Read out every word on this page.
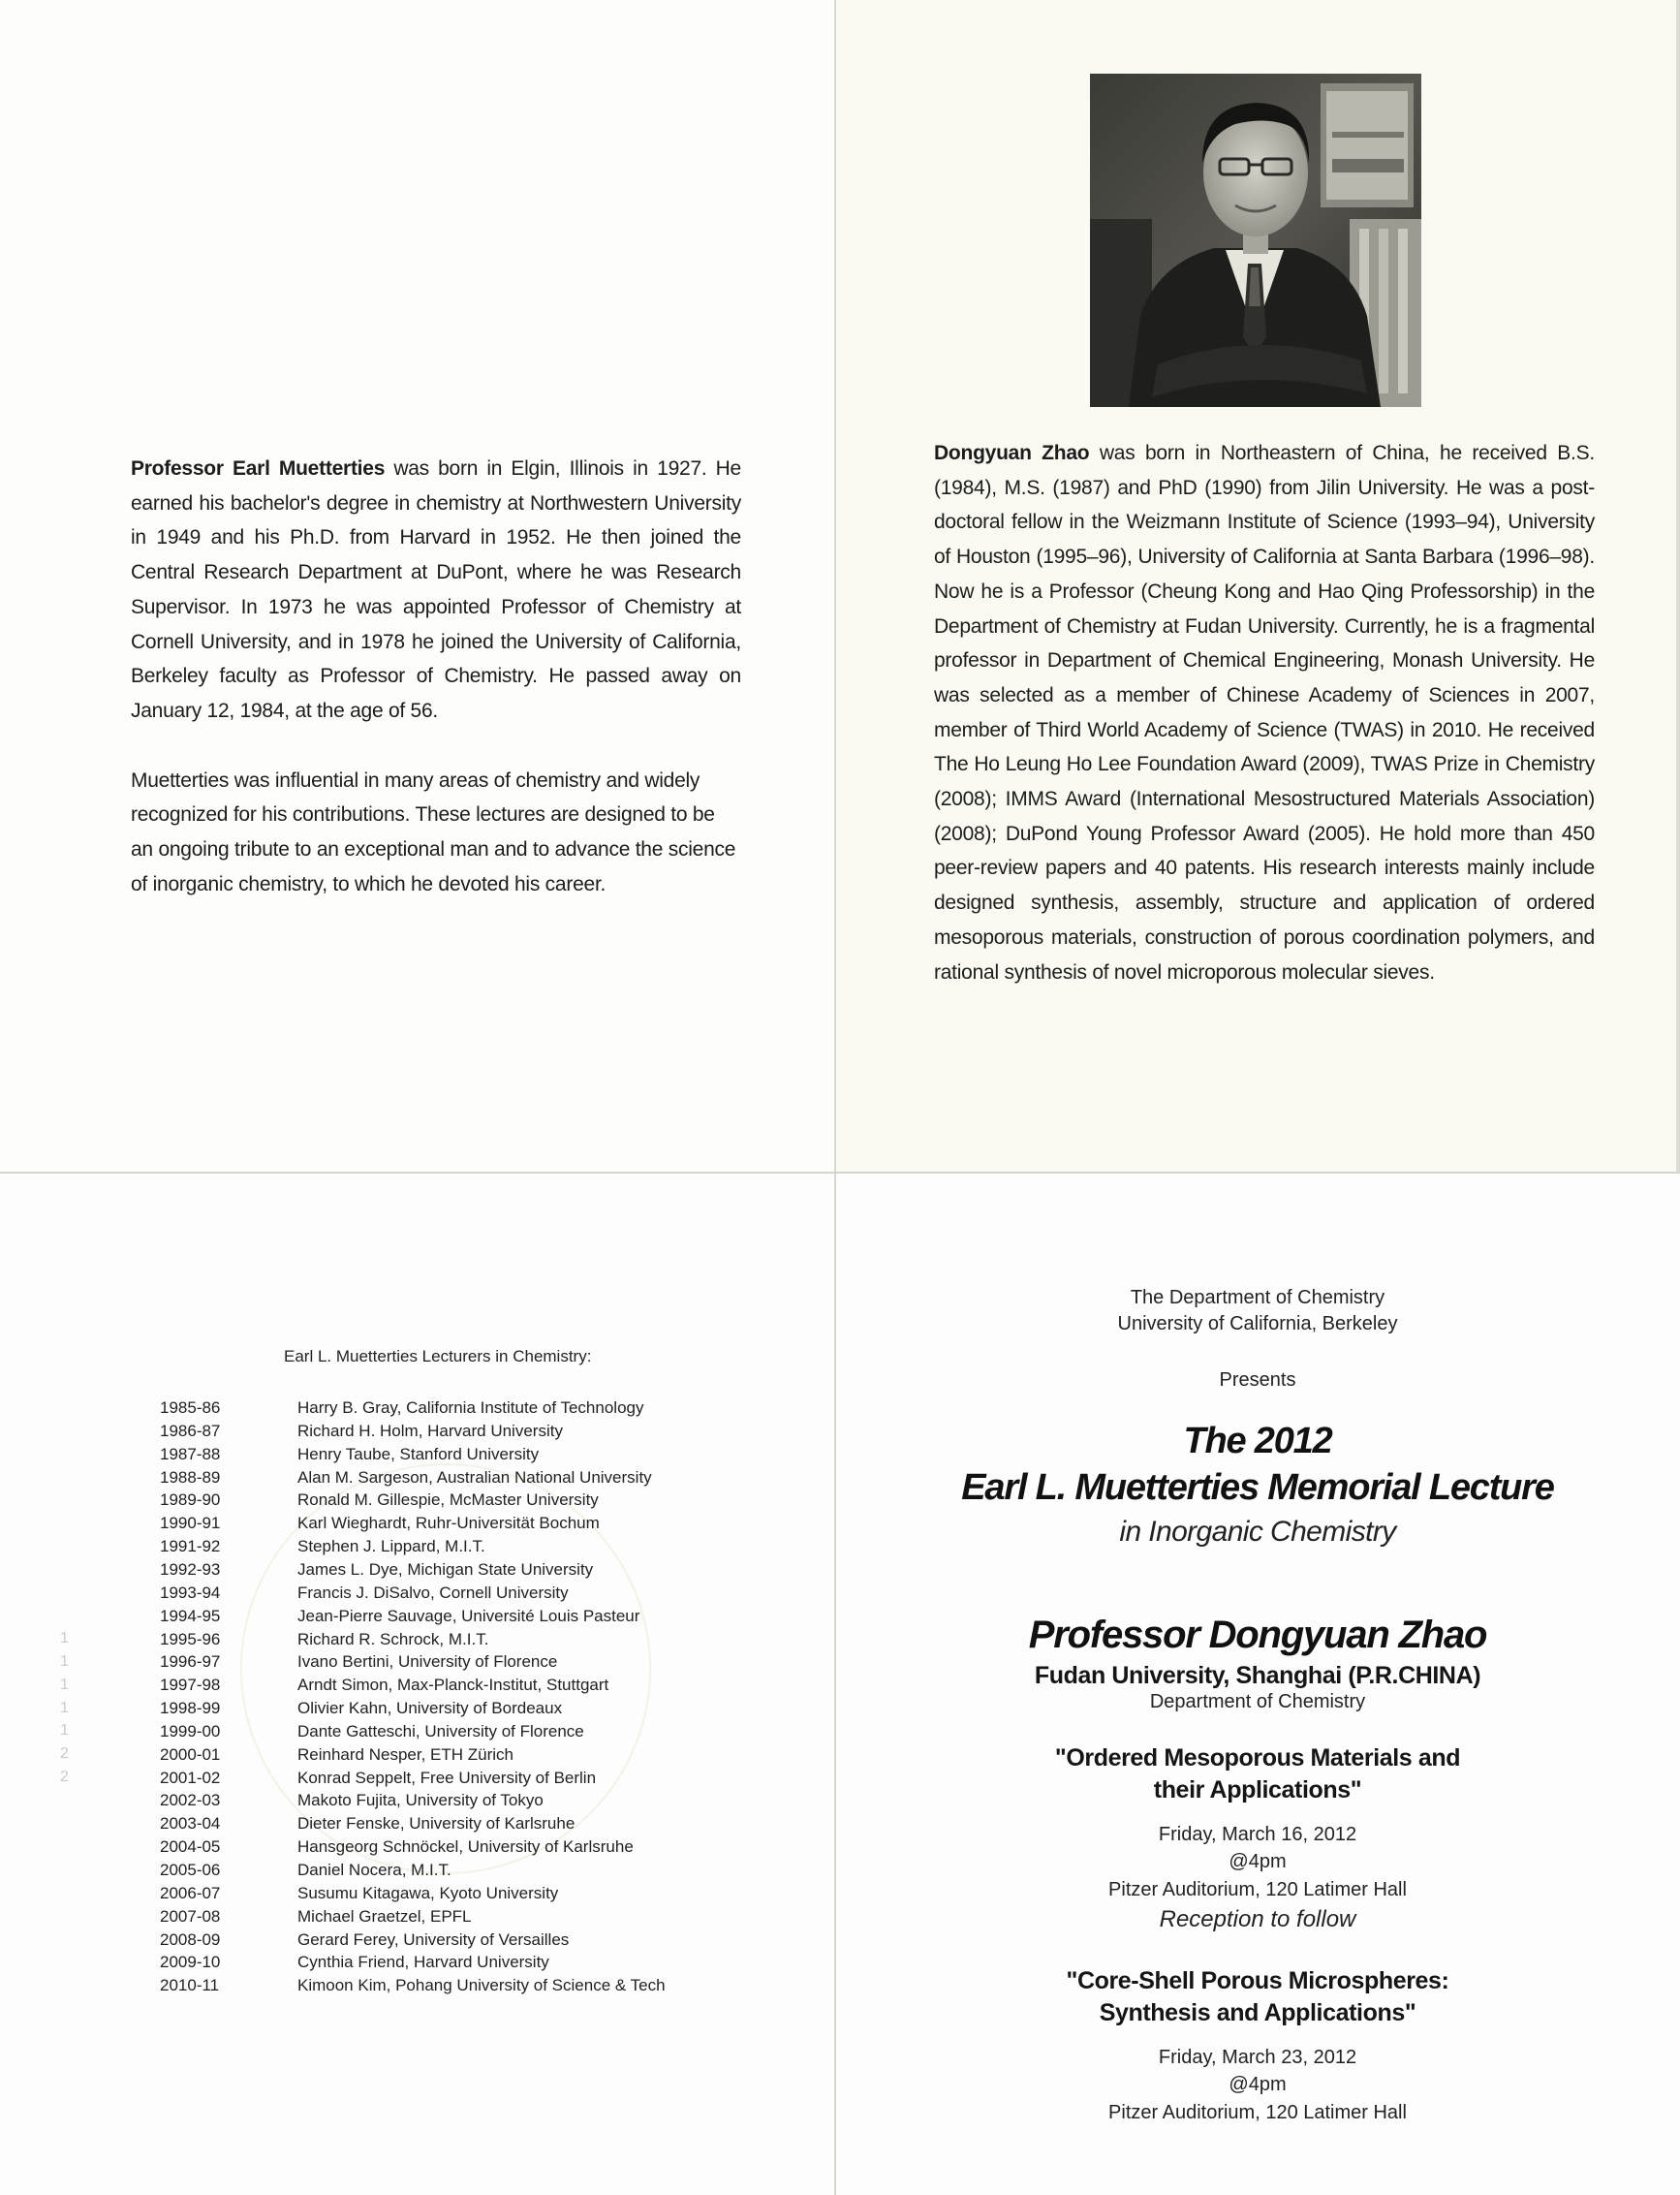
Professor Earl Muetterties was born in Elgin, Illinois in 1927. He earned his bachelor's degree in chemistry at Northwestern University in 1949 and his Ph.D. from Harvard in 1952. He then joined the Central Research Department at DuPont, where he was Research Supervisor. In 1973 he was appointed Professor of Chemistry at Cornell University, and in 1978 he joined the University of California, Berkeley faculty as Professor of Chemistry. He passed away on January 12, 1984, at the age of 56.

Muetterties was influential in many areas of chemistry and widely recognized for his contributions. These lectures are designed to be an ongoing tribute to an exceptional man and to advance the science of inorganic chemistry, to which he devoted his career.

Dongyuan Zhao was born in Northeastern of China, he received B.S. (1984), M.S. (1987) and PhD (1990) from Jilin University. He was a post-doctoral fellow in the Weizmann Institute of Science (1993–94), University of Houston (1995–96), University of California at Santa Barbara (1996–98). Now he is a Professor (Cheung Kong and Hao Qing Professorship) in the Department of Chemistry at Fudan University. Currently, he is a fragmental professor in Department of Chemical Engineering, Monash University. He was selected as a member of Chinese Academy of Sciences in 2007, member of Third World Academy of Science (TWAS) in 2010. He received The Ho Leung Ho Lee Foundation Award (2009), TWAS Prize in Chemistry (2008); IMMS Award (International Mesostructured Materials Association) (2008); DuPond Young Professor Award (2005). He hold more than 450 peer-review papers and 40 patents. His research interests mainly include designed synthesis, assembly, structure and application of ordered mesoporous materials, construction of porous coordination polymers, and rational synthesis of novel microporous molecular sieves.

Earl L. Muetterties Lecturers in Chemistry:
1
1
1
1
1
2
2
1985-86	Harry B. Gray, California Institute of Technology
1986-87	Richard H. Holm, Harvard University
1987-88	Henry Taube, Stanford University
1988-89	Alan M. Sargeson, Australian National University
1989-90	Ronald M. Gillespie, McMaster University
1990-91	Karl Wieghardt, Ruhr-Universität Bochum
1991-92	Stephen J. Lippard, M.I.T.
1992-93	James L. Dye, Michigan State University
1993-94	Francis J. DiSalvo, Cornell University
1994-95	Jean-Pierre Sauvage, Université Louis Pasteur
1995-96	Richard R. Schrock, M.I.T.
1996-97	Ivano Bertini, University of Florence
1997-98	Arndt Simon, Max-Planck-Institut, Stuttgart
1998-99	Olivier Kahn, University of Bordeaux
1999-00	Dante Gatteschi, University of Florence
2000-01	Reinhard Nesper, ETH Zürich
2001-02	Konrad Seppelt, Free University of Berlin
2002-03	Makoto Fujita, University of Tokyo
2003-04	Dieter Fenske, University of Karlsruhe
2004-05	Hansgeorg Schnöckel, University of Karlsruhe
2005-06	Daniel Nocera, M.I.T.
2006-07	Susumu Kitagawa, Kyoto University
2007-08	Michael Graetzel, EPFL
2008-09	Gerard Ferey, University of Versailles
2009-10	Cynthia Friend, Harvard University
2010-11	Kimoon Kim, Pohang University of Science & Tech
The Department of Chemistry
University of California, Berkeley
Presents
The 2012
Earl L. Muetterties Memorial Lecture
in Inorganic Chemistry
Professor Dongyuan Zhao
Fudan University, Shanghai (P.R.CHINA)
Department of Chemistry
"Ordered Mesoporous Materials and
their Applications"
Friday, March 16, 2012
@4pm
Pitzer Auditorium, 120 Latimer Hall
Reception to follow
"Core-Shell Porous Microspheres:
Synthesis and Applications"
Friday, March 23, 2012
@4pm
Pitzer Auditorium, 120 Latimer Hall
